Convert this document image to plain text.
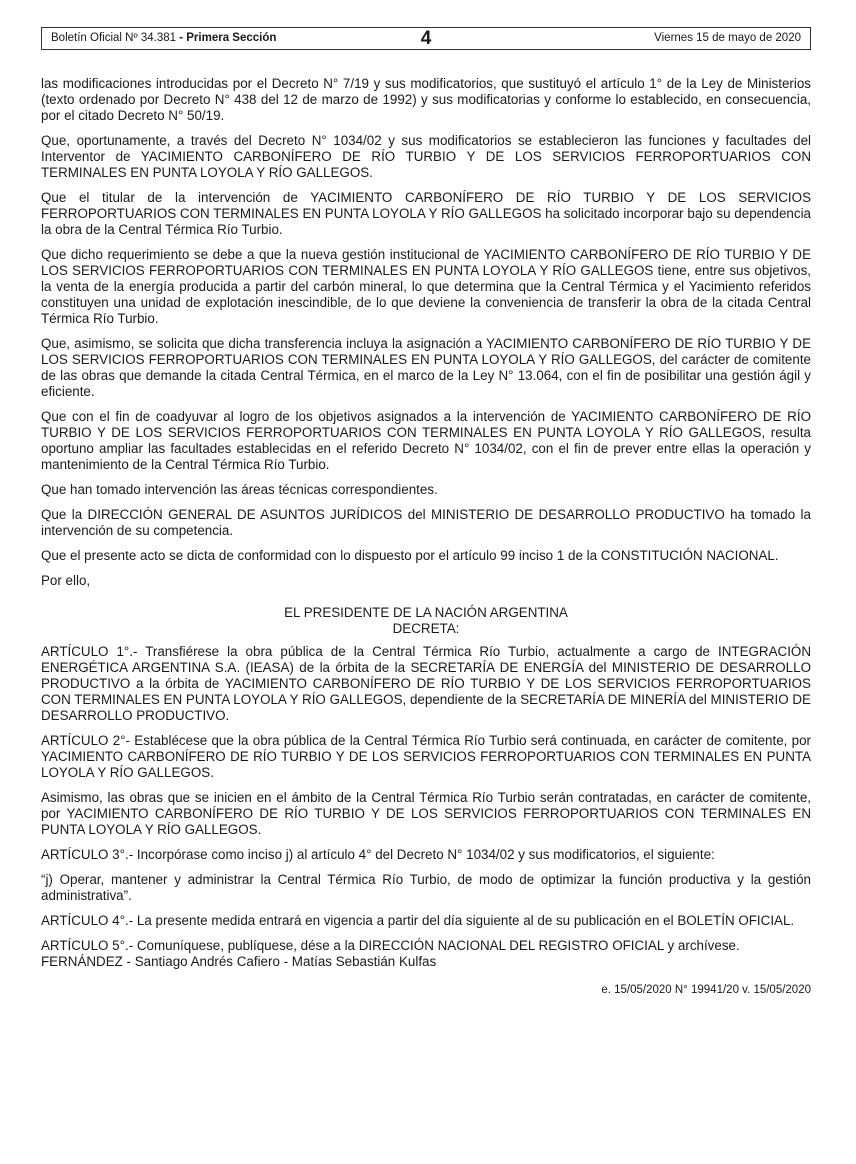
Boletín Oficial Nº 34.381 - Primera Sección	4	Viernes 15 de mayo de 2020

las modificaciones introducidas por el Decreto N° 7/19 y sus modificatorios, que sustituyó el artículo 1° de la Ley de Ministerios (texto ordenado por Decreto N° 438 del 12 de marzo de 1992) y sus modificatorias y conforme lo establecido, en consecuencia, por el citado Decreto N° 50/19.

Que, oportunamente, a través del Decreto N° 1034/02 y sus modificatorios se establecieron las funciones y facultades del Interventor de YACIMIENTO CARBONÍFERO DE RÍO TURBIO Y DE LOS SERVICIOS FERROPORTUARIOS CON TERMINALES EN PUNTA LOYOLA Y RÍO GALLEGOS.

Que el titular de la intervención de YACIMIENTO CARBONÍFERO DE RÍO TURBIO Y DE LOS SERVICIOS FERROPORTUARIOS CON TERMINALES EN PUNTA LOYOLA Y RÍO GALLEGOS ha solicitado incorporar bajo su dependencia la obra de la Central Térmica Río Turbio.

Que dicho requerimiento se debe a que la nueva gestión institucional de YACIMIENTO CARBONÍFERO DE RÍO TURBIO Y DE LOS SERVICIOS FERROPORTUARIOS CON TERMINALES EN PUNTA LOYOLA Y RÍO GALLEGOS tiene, entre sus objetivos, la venta de la energía producida a partir del carbón mineral, lo que determina que la Central Térmica y el Yacimiento referidos constituyen una unidad de explotación inescindible, de lo que deviene la conveniencia de transferir la obra de la citada Central Térmica Río Turbio.

Que, asimismo, se solicita que dicha transferencia incluya la asignación a YACIMIENTO CARBONÍFERO DE RÍO TURBIO Y DE LOS SERVICIOS FERROPORTUARIOS CON TERMINALES EN PUNTA LOYOLA Y RÍO GALLEGOS, del carácter de comitente de las obras que demande la citada Central Térmica, en el marco de la Ley N° 13.064, con el fin de posibilitar una gestión ágil y eficiente.

Que con el fin de coadyuvar al logro de los objetivos asignados a la intervención de YACIMIENTO CARBONÍFERO DE RÍO TURBIO Y DE LOS SERVICIOS FERROPORTUARIOS CON TERMINALES EN PUNTA LOYOLA Y RÍO GALLEGOS, resulta oportuno ampliar las facultades establecidas en el referido Decreto N° 1034/02, con el fin de prever entre ellas la operación y mantenimiento de la Central Térmica Río Turbio.

Que han tomado intervención las áreas técnicas correspondientes.

Que la DIRECCIÓN GENERAL DE ASUNTOS JURÍDICOS del MINISTERIO DE DESARROLLO PRODUCTIVO ha tomado la intervención de su competencia.

Que el presente acto se dicta de conformidad con lo dispuesto por el artículo 99 inciso 1 de la CONSTITUCIÓN NACIONAL.

Por ello,

EL PRESIDENTE DE LA NACIÓN ARGENTINA
DECRETA:

ARTÍCULO 1°.- Transfiérese la obra pública de la Central Térmica Río Turbio, actualmente a cargo de INTEGRACIÓN ENERGÉTICA ARGENTINA S.A. (IEASA) de la órbita de la SECRETARÍA DE ENERGÍA del MINISTERIO DE DESARROLLO PRODUCTIVO a la órbita de YACIMIENTO CARBONÍFERO DE RÍO TURBIO Y DE LOS SERVICIOS FERROPORTUARIOS CON TERMINALES EN PUNTA LOYOLA Y RÍO GALLEGOS, dependiente de la SECRETARÍA DE MINERÍA del MINISTERIO DE DESARROLLO PRODUCTIVO.

ARTÍCULO 2°- Establécese que la obra pública de la Central Térmica Río Turbio será continuada, en carácter de comitente, por YACIMIENTO CARBONÍFERO DE RÍO TURBIO Y DE LOS SERVICIOS FERROPORTUARIOS CON TERMINALES EN PUNTA LOYOLA Y RÍO GALLEGOS.

Asimismo, las obras que se inicien en el ámbito de la Central Térmica Río Turbio serán contratadas, en carácter de comitente, por YACIMIENTO CARBONÍFERO DE RÍO TURBIO Y DE LOS SERVICIOS FERROPORTUARIOS CON TERMINALES EN PUNTA LOYOLA Y RÍO GALLEGOS.

ARTÍCULO 3°.- Incorpórase como inciso j) al artículo 4° del Decreto N° 1034/02 y sus modificatorios, el siguiente:

“j) Operar, mantener y administrar la Central Térmica Río Turbio, de modo de optimizar la función productiva y la gestión administrativa”.

ARTÍCULO 4°.- La presente medida entrará en vigencia a partir del día siguiente al de su publicación en el BOLETÍN OFICIAL.

ARTÍCULO 5°.- Comuníquese, publíquese, dése a la DIRECCIÓN NACIONAL DEL REGISTRO OFICIAL y archívese.

FERNÁNDEZ - Santiago Andrés Cafiero - Matías Sebastián Kulfas

e. 15/05/2020 N° 19941/20 v. 15/05/2020
